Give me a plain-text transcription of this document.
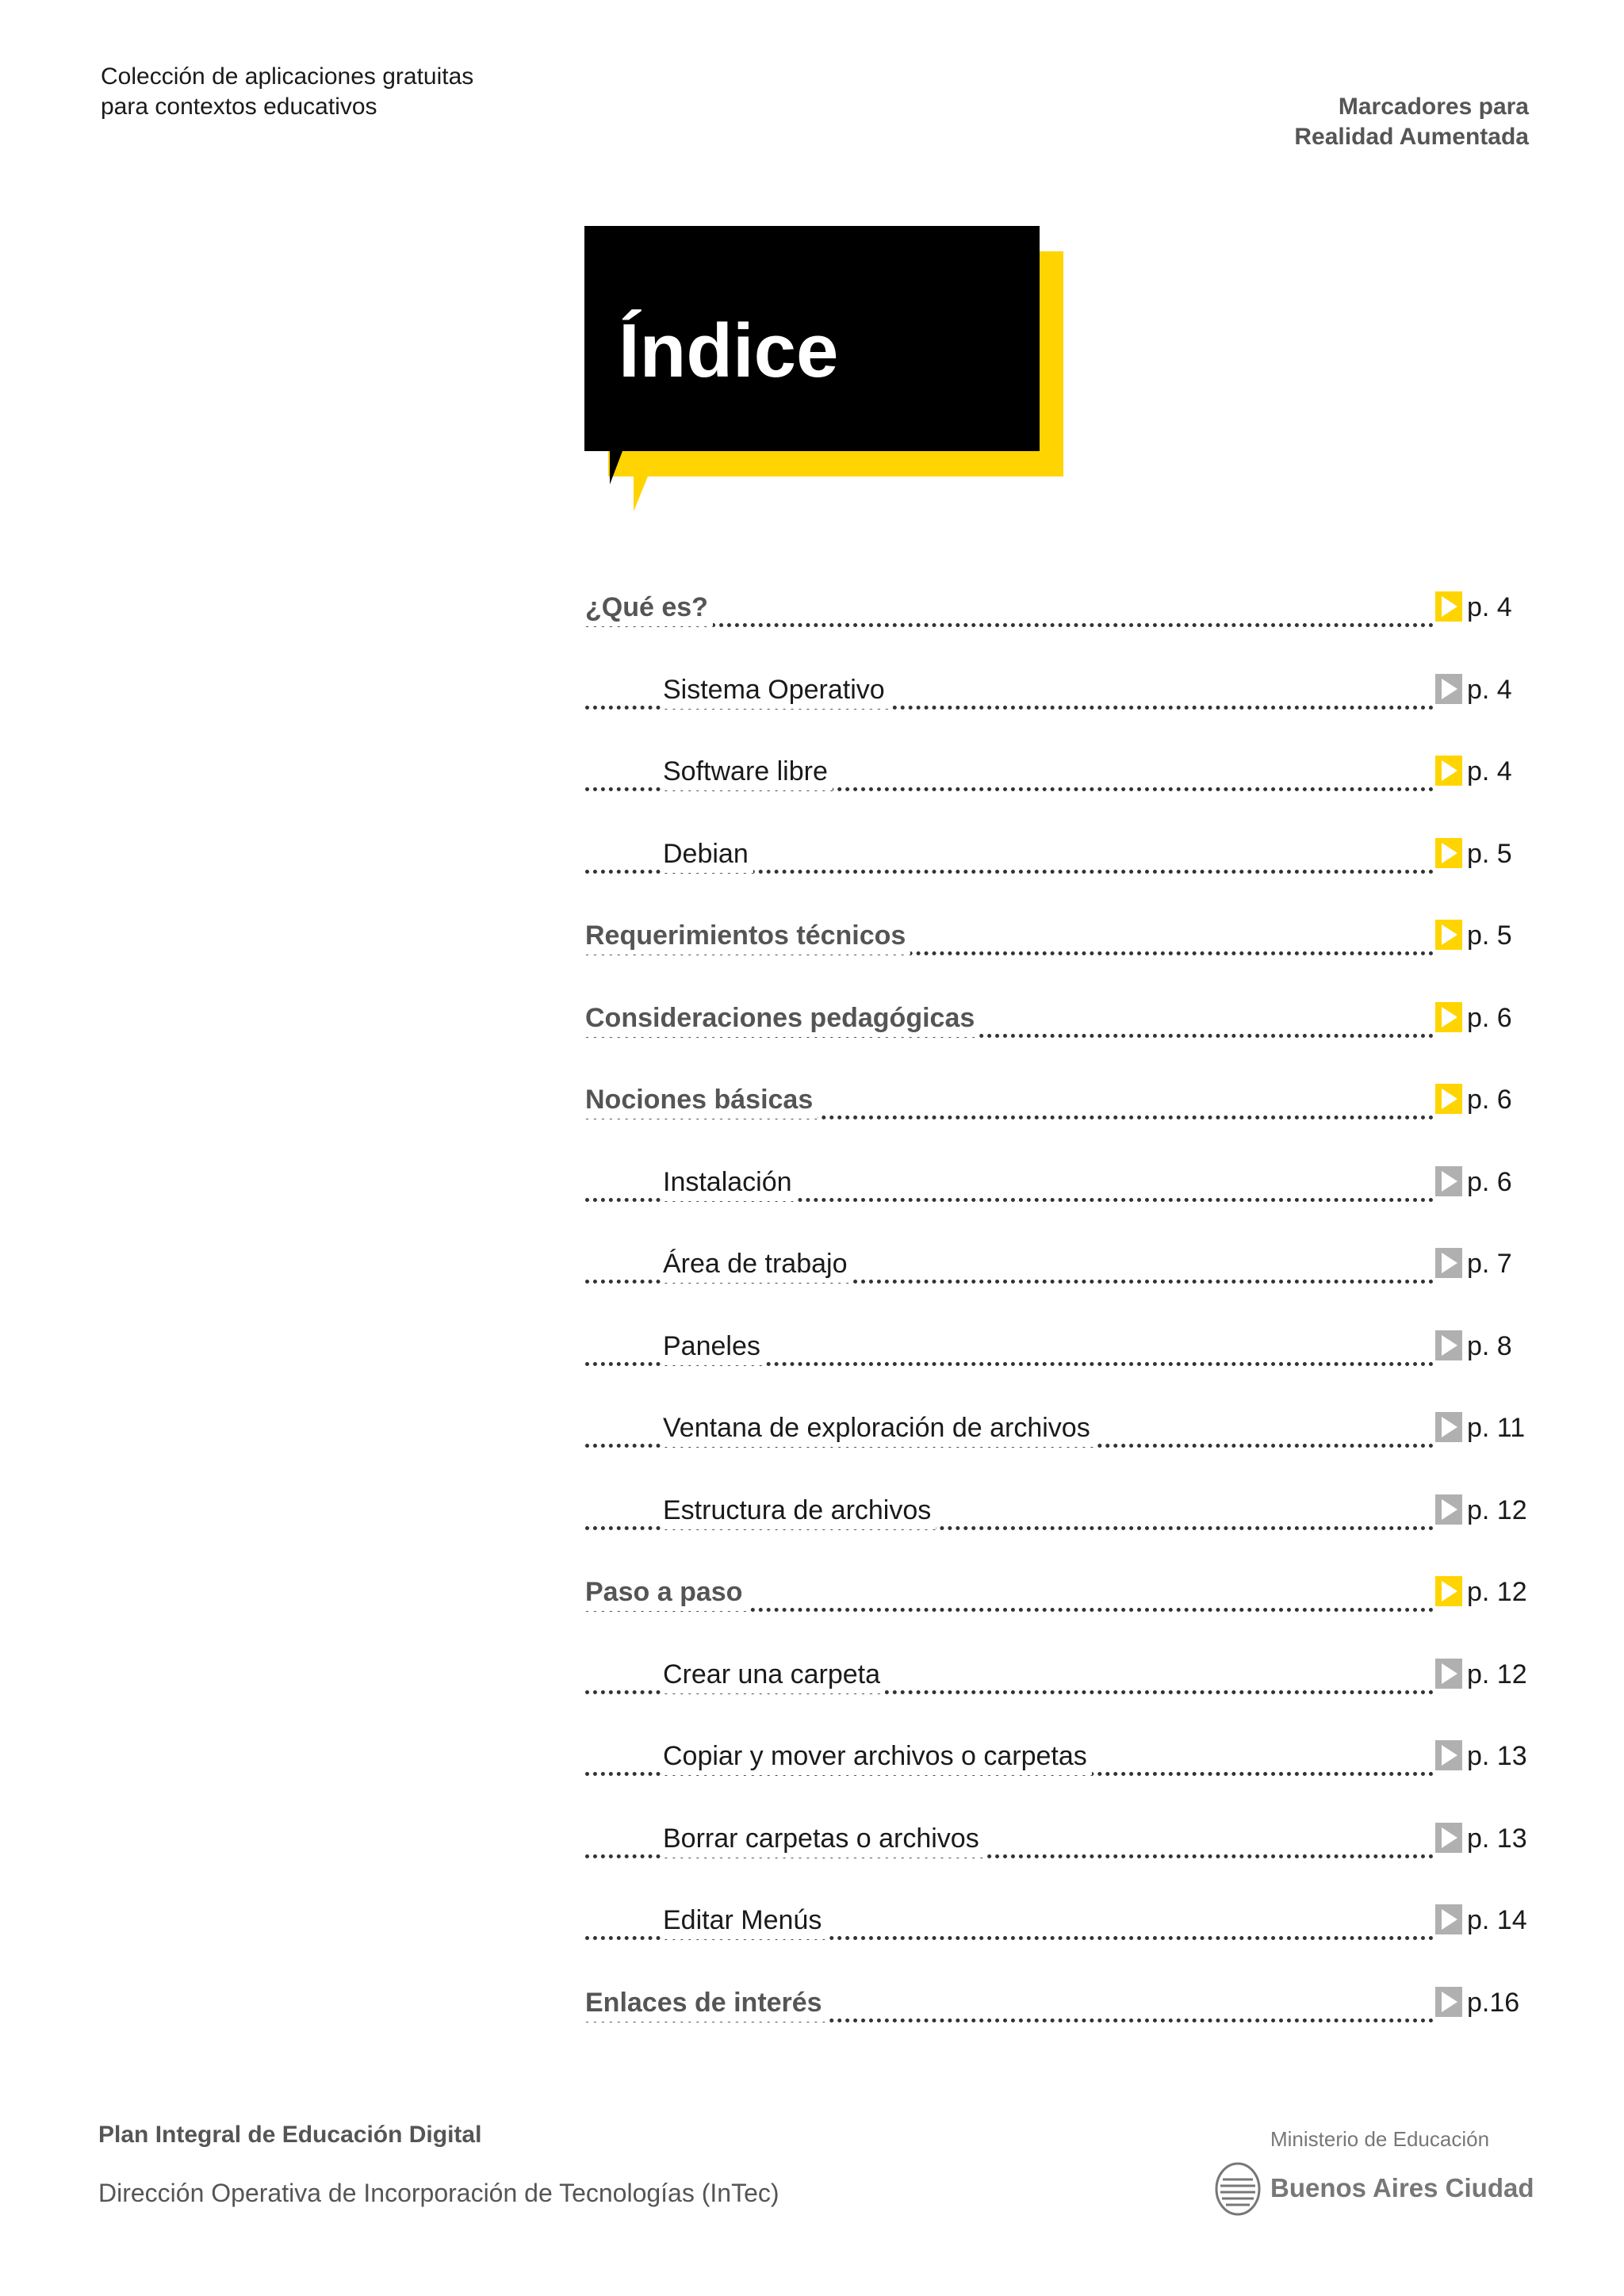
Colección de aplicaciones gratuitas
para contextos educativos	Marcadores para
Realidad Aumentada
Índice
¿Qué es?	p. 4
Sistema Operativo	p. 4
Software libre	p. 4
Debian	p. 5
Requerimientos técnicos	p. 5
Consideraciones pedagógicas	p. 6
Nociones básicas	p. 6
Instalación	p. 6
Área de trabajo	p. 7
Paneles	p. 8
Ventana de exploración de archivos	p. 11
Estructura de archivos	p. 12
Paso a paso	p. 12
Crear una carpeta	p. 12
Copiar y mover archivos o carpetas	p. 13
Borrar carpetas o archivos	p. 13
Editar Menús	p. 14
Enlaces de interés	p.16
Plan Integral de Educación Digital
Dirección Operativa de Incorporación de Tecnologías (InTec)
Ministerio de Educación
Buenos Aires Ciudad
